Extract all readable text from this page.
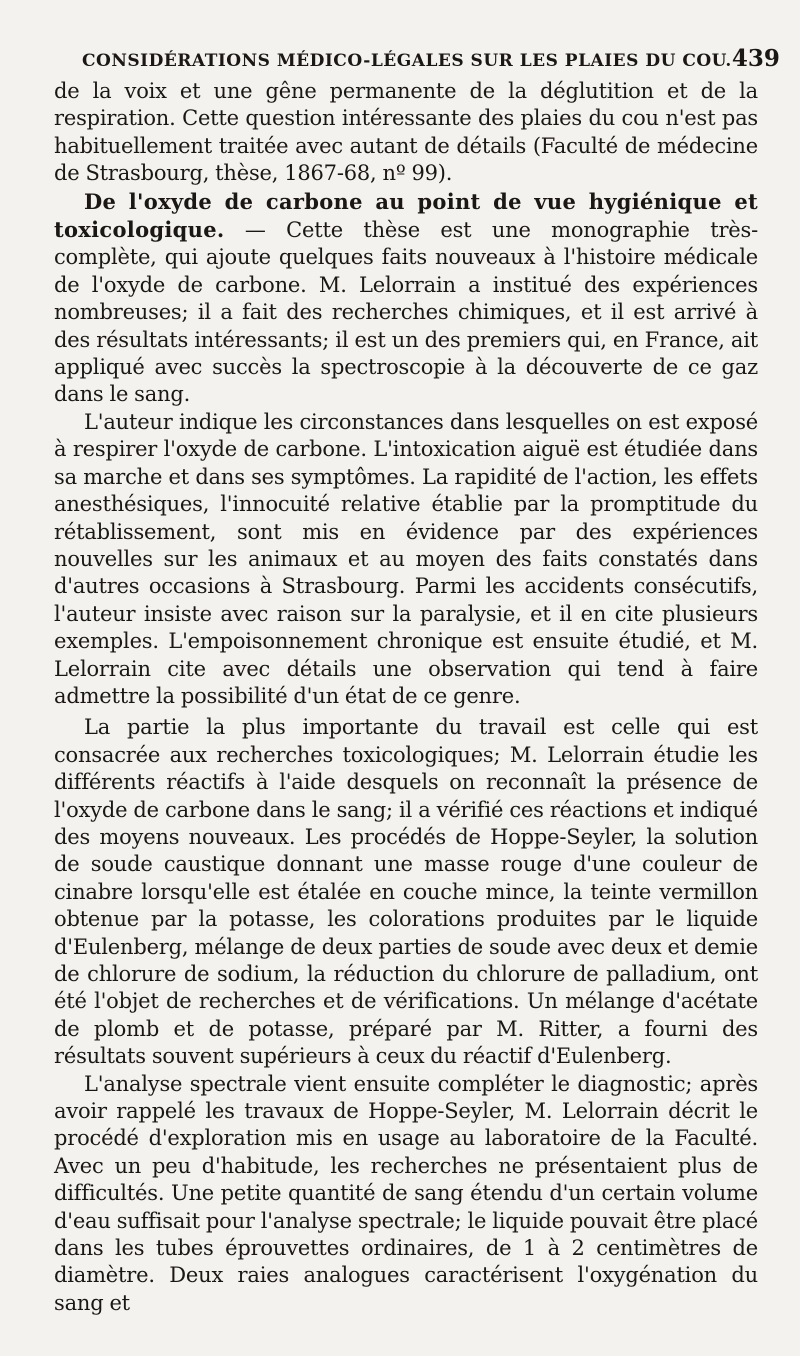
CONSIDÉRATIONS MÉDICO-LÉGALES SUR LES PLAIES DU COU. 439

de la voix et une gêne permanente de la déglutition et de la respiration. Cette question intéressante des plaies du cou n'est pas habituellement traitée avec autant de détails (Faculté de médecine de Strasbourg, thèse, 1867-68, nº 99).

De l'oxyde de carbone au point de vue hygiénique et toxicologique. — Cette thèse est une monographie très-complète, qui ajoute quelques faits nouveaux à l'histoire médicale de l'oxyde de carbone. M. Lelorrain a institué des expériences nombreuses; il a fait des recherches chimiques, et il est arrivé à des résultats intéressants; il est un des premiers qui, en France, ait appliqué avec succès la spectroscopie à la découverte de ce gaz dans le sang.

L'auteur indique les circonstances dans lesquelles on est exposé à respirer l'oxyde de carbone. L'intoxication aiguë est étudiée dans sa marche et dans ses symptômes. La rapidité de l'action, les effets anesthésiques, l'innocuité relative établie par la promptitude du rétablissement, sont mis en évidence par des expériences nouvelles sur les animaux et au moyen des faits constatés dans d'autres occasions à Strasbourg. Parmi les accidents consécutifs, l'auteur insiste avec raison sur la paralysie, et il en cite plusieurs exemples. L'empoisonnement chronique est ensuite étudié, et M. Lelorrain cite avec détails une observation qui tend à faire admettre la possibilité d'un état de ce genre.

La partie la plus importante du travail est celle qui est consacrée aux recherches toxicologiques; M. Lelorrain étudie les différents réactifs à l'aide desquels on reconnaît la présence de l'oxyde de carbone dans le sang; il a vérifié ces réactions et indiqué des moyens nouveaux. Les procédés de Hoppe-Seyler, la solution de soude caustique donnant une masse rouge d'une couleur de cinabre lorsqu'elle est étalée en couche mince, la teinte vermillon obtenue par la potasse, les colorations produites par le liquide d'Eulenberg, mélange de deux parties de soude avec deux et demie de chlorure de sodium, la réduction du chlorure de palladium, ont été l'objet de recherches et de vérifications. Un mélange d'acétate de plomb et de potasse, préparé par M. Ritter, a fourni des résultats souvent supérieurs à ceux du réactif d'Eulenberg.

L'analyse spectrale vient ensuite compléter le diagnostic; après avoir rappelé les travaux de Hoppe-Seyler, M. Lelorrain décrit le procédé d'exploration mis en usage au laboratoire de la Faculté. Avec un peu d'habitude, les recherches ne présentaient plus de difficultés. Une petite quantité de sang étendu d'un certain volume d'eau suffisait pour l'analyse spectrale; le liquide pouvait être placé dans les tubes éprouvettes ordinaires, de 1 à 2 centimètres de diamètre. Deux raies analogues caractérisent l'oxygénation du sang et
